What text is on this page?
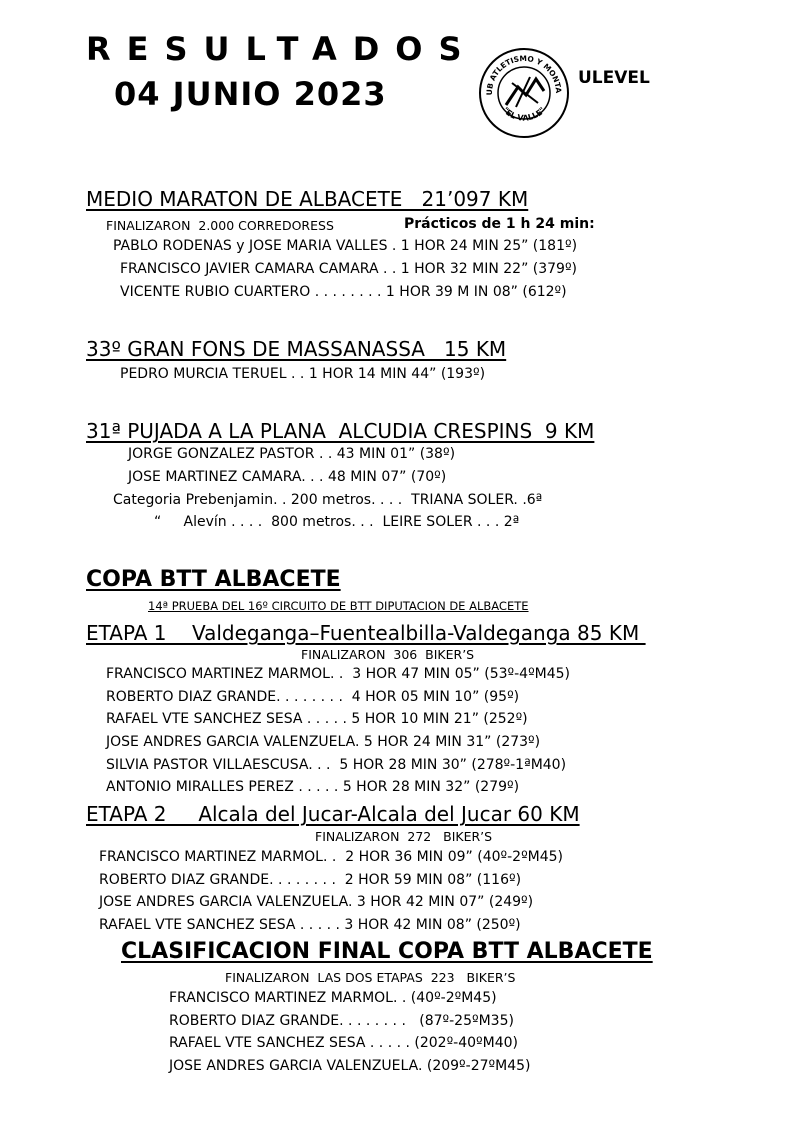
RESULTADOS
04 JUNIO 2023

	UB ATLETISMO Y MONTA
"EL VALLE"

ULEVEL
MEDIO MARATON DE ALBACETE   21’097 KM
FINALIZARON  2.000 CORREDORESS	Prácticos de 1 h 24 min:
PABLO RODENAS y JOSE MARIA VALLES . 1 HOR 24 MIN 25” (181º)
FRANCISCO JAVIER CAMARA CAMARA . . 1 HOR 32 MIN 22” (379º)
VICENTE RUBIO CUARTERO . . . . . . . . 1 HOR 39 M IN 08” (612º)
33º GRAN FONS DE MASSANASSA   15 KM
PEDRO MURCIA TERUEL . . 1 HOR 14 MIN 44” (193º)
31ª PUJADA A LA PLANA  ALCUDIA CRESPINS  9 KM
JORGE GONZALEZ PASTOR . . 43 MIN 01” (38º)
JOSE MARTINEZ CAMARA. . . 48 MIN 07” (70º)
Categoria Prebenjamin. . 200 metros. . . .  TRIANA SOLER. .6ª
“     Alevín . . . .  800 metros. . .  LEIRE SOLER . . . 2ª
COPA BTT ALBACETE
14ª PRUEBA DEL 16º CIRCUITO DE BTT DIPUTACION DE ALBACETE
ETAPA 1    Valdeganga–Fuentealbilla-Valdeganga 85 KM
FINALIZARON  306  BIKER’S
FRANCISCO MARTINEZ MARMOL. .  3 HOR 47 MIN 05” (53º-4ºM45)
ROBERTO DIAZ GRANDE. . . . . . . .  4 HOR 05 MIN 10” (95º)
RAFAEL VTE SANCHEZ SESA . . . . . 5 HOR 10 MIN 21” (252º)
JOSE ANDRES GARCIA VALENZUELA. 5 HOR 24 MIN 31” (273º)
SILVIA PASTOR VILLAESCUSA. . .  5 HOR 28 MIN 30” (278º-1ªM40)
ANTONIO MIRALLES PEREZ . . . . . 5 HOR 28 MIN 32” (279º)
ETAPA 2     Alcala del Jucar-Alcala del Jucar 60 KM
FINALIZARON  272   BIKER’S
FRANCISCO MARTINEZ MARMOL. .  2 HOR 36 MIN 09” (40º-2ºM45)
ROBERTO DIAZ GRANDE. . . . . . . .  2 HOR 59 MIN 08” (116º)
JOSE ANDRES GARCIA VALENZUELA. 3 HOR 42 MIN 07” (249º)
RAFAEL VTE SANCHEZ SESA . . . . . 3 HOR 42 MIN 08” (250º)
CLASIFICACION FINAL COPA BTT ALBACETE
FINALIZARON  LAS DOS ETAPAS  223   BIKER’S
FRANCISCO MARTINEZ MARMOL. . (40º-2ºM45)
ROBERTO DIAZ GRANDE. . . . . . . .   (87º-25ºM35)
RAFAEL VTE SANCHEZ SESA . . . . . (202º-40ºM40)
JOSE ANDRES GARCIA VALENZUELA. (209º-27ºM45)
